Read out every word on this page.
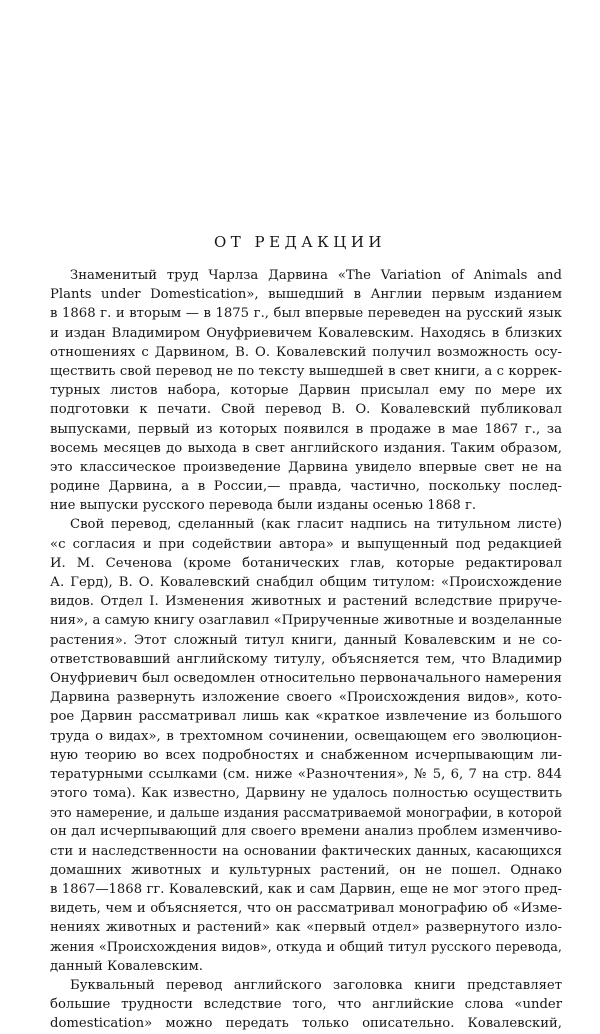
ОТ РЕДАКЦИИ
Знаменитый труд Чарлза Дарвина «The Variation of Animals and
Plants under Domestication», вышедший в Англии первым изданием
в 1868 г. и вторым — в 1875 г., был впервые переведен на русский язык
и издан Владимиром Онуфриевичем Ковалевским. Находясь в близких
отношениях с Дарвином, В. О. Ковалевский получил возможность осу-
ществить свой перевод не по тексту вышедшей в свет книги, а с коррек-
турных листов набора, которые Дарвин присылал ему по мере их
подготовки к печати. Свой перевод В. О. Ковалевский публиковал
выпусками, первый из которых появился в продаже в мае 1867 г., за
восемь месяцев до выхода в свет английского издания. Таким образом,
это классическое произведение Дарвина увидело впервые свет не на
родине Дарвина, а в России,— правда, частично, поскольку послед-
ние выпуски русского перевода были изданы осенью 1868 г.
Свой перевод, сделанный (как гласит надпись на титульном листе)
«с согласия и при содействии автора» и выпущенный под редакцией
И. М. Сеченова (кроме ботанических глав, которые редактировал
А. Герд), В. О. Ковалевский снабдил общим титулом: «Происхождение
видов. Отдел I. Изменения животных и растений вследствие прируче-
ния», а самую книгу озаглавил «Прирученные животные и возделанные
растения». Этот сложный титул книги, данный Ковалевским и не со-
ответствовавший английскому титулу, объясняется тем, что Владимир
Онуфриевич был осведомлен относительно первоначального намерения
Дарвина развернуть изложение своего «Происхождения видов», кото-
рое Дарвин рассматривал лишь как «краткое извлечение из большого
труда о видах», в трехтомном сочинении, освещающем его эволюцион-
ную теорию во всех подробностях и снабженном исчерпывающим ли-
тературными ссылками (см. ниже «Разночтения», № 5, 6, 7 на стр. 844
этого тома). Как известно, Дарвину не удалось полностью осуществить
это намерение, и дальше издания рассматриваемой монографии, в которой
он дал исчерпывающий для своего времени анализ проблем изменчиво-
сти и наследственности на основании фактических данных, касающихся
домашних животных и культурных растений, он не пошел. Однако
в 1867—1868 гг. Ковалевский, как и сам Дарвин, еще не мог этого пред-
видеть, чем и объясняется, что он рассматривал монографию об «Изме-
нениях животных и растений» как «первый отдел» развернутого изло-
жения «Происхождения видов», откуда и общий титул русского перевода,
данный Ковалевским.
Буквальный перевод английского заголовка книги представляет
большие трудности вследствие того, что английские слова «under
domestication» можно передать только описательно. Ковалевский,
